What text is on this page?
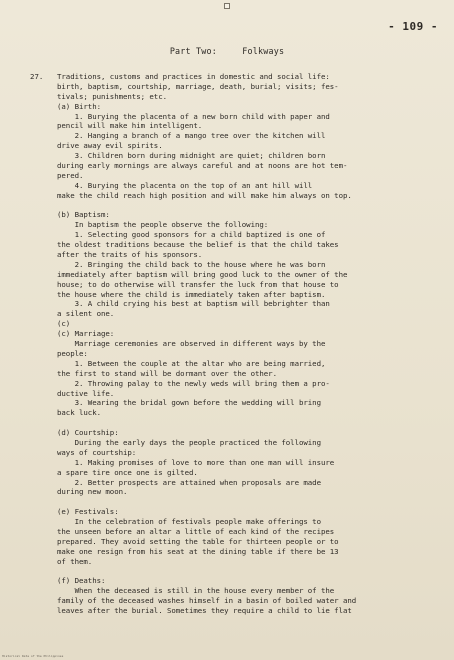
- 109 -
Part Two:	Folkways
27. Traditions, customs and practices in domestic and social life:
birth, baptism, courtship, marriage, death, burial; visits; fes-
tivals; punishments; etc.
(a) Birth:
1. Burying the placenta of a new born child with paper and
pencil will make him intelligent.
2. Hanging a branch of a mango tree over the kitchen will
drive away evil spirits.
3. Children born during midnight are quiet; children born
during early mornings are always careful and at noons are hot tem-
pered.
4. Burying the placenta on the top of an ant hill will
make the child reach high position and will make him always on top.
(b) Baptism:
In baptism the people observe the following:
1. Selecting good sponsors for a child baptized is one of
the oldest traditions because the belief is that the child takes
after the traits of his sponsors.
2. Bringing the child back to the house where he was born
immediately after baptism will bring good luck to the owner of the
house; to do otherwise will transfer the luck from that house to
the house where the child is immediately taken after baptism.
3. A child crying his best at baptism will bebrighter than
a silent one.
(c)
(c) Marriage:
Marriage ceremonies are observed in different ways by the
people:
1. Between the couple at the altar who are being married,
the first to stand will be dormant over the other.
2. Throwing palay to the newly weds will bring them a pro-
ductive life.
3. Wearing the bridal gown before the wedding will bring
back luck.
(d) Courtship:
During the early days the people practiced the following
ways of courtship:
1. Making promises of love to more than one man will insure
a spare tire once one is gilted.
2. Better prospects are attained when proposals are made
during new moon.
(e) Festivals:
In the celebration of festivals people make offerings to
the unseen before an altar a little of each kind of the recipes
prepared. They avoid setting the table for thirteen people or to
make one resign from his seat at the dining table if there be 13
of them.
(f) Deaths:
When the deceased is still in the house every member of the
family of the deceased washes himself in a basin of boiled water and
leaves after the burial. Sometimes they require a child to lie flat
Historical Data of the Philippines
